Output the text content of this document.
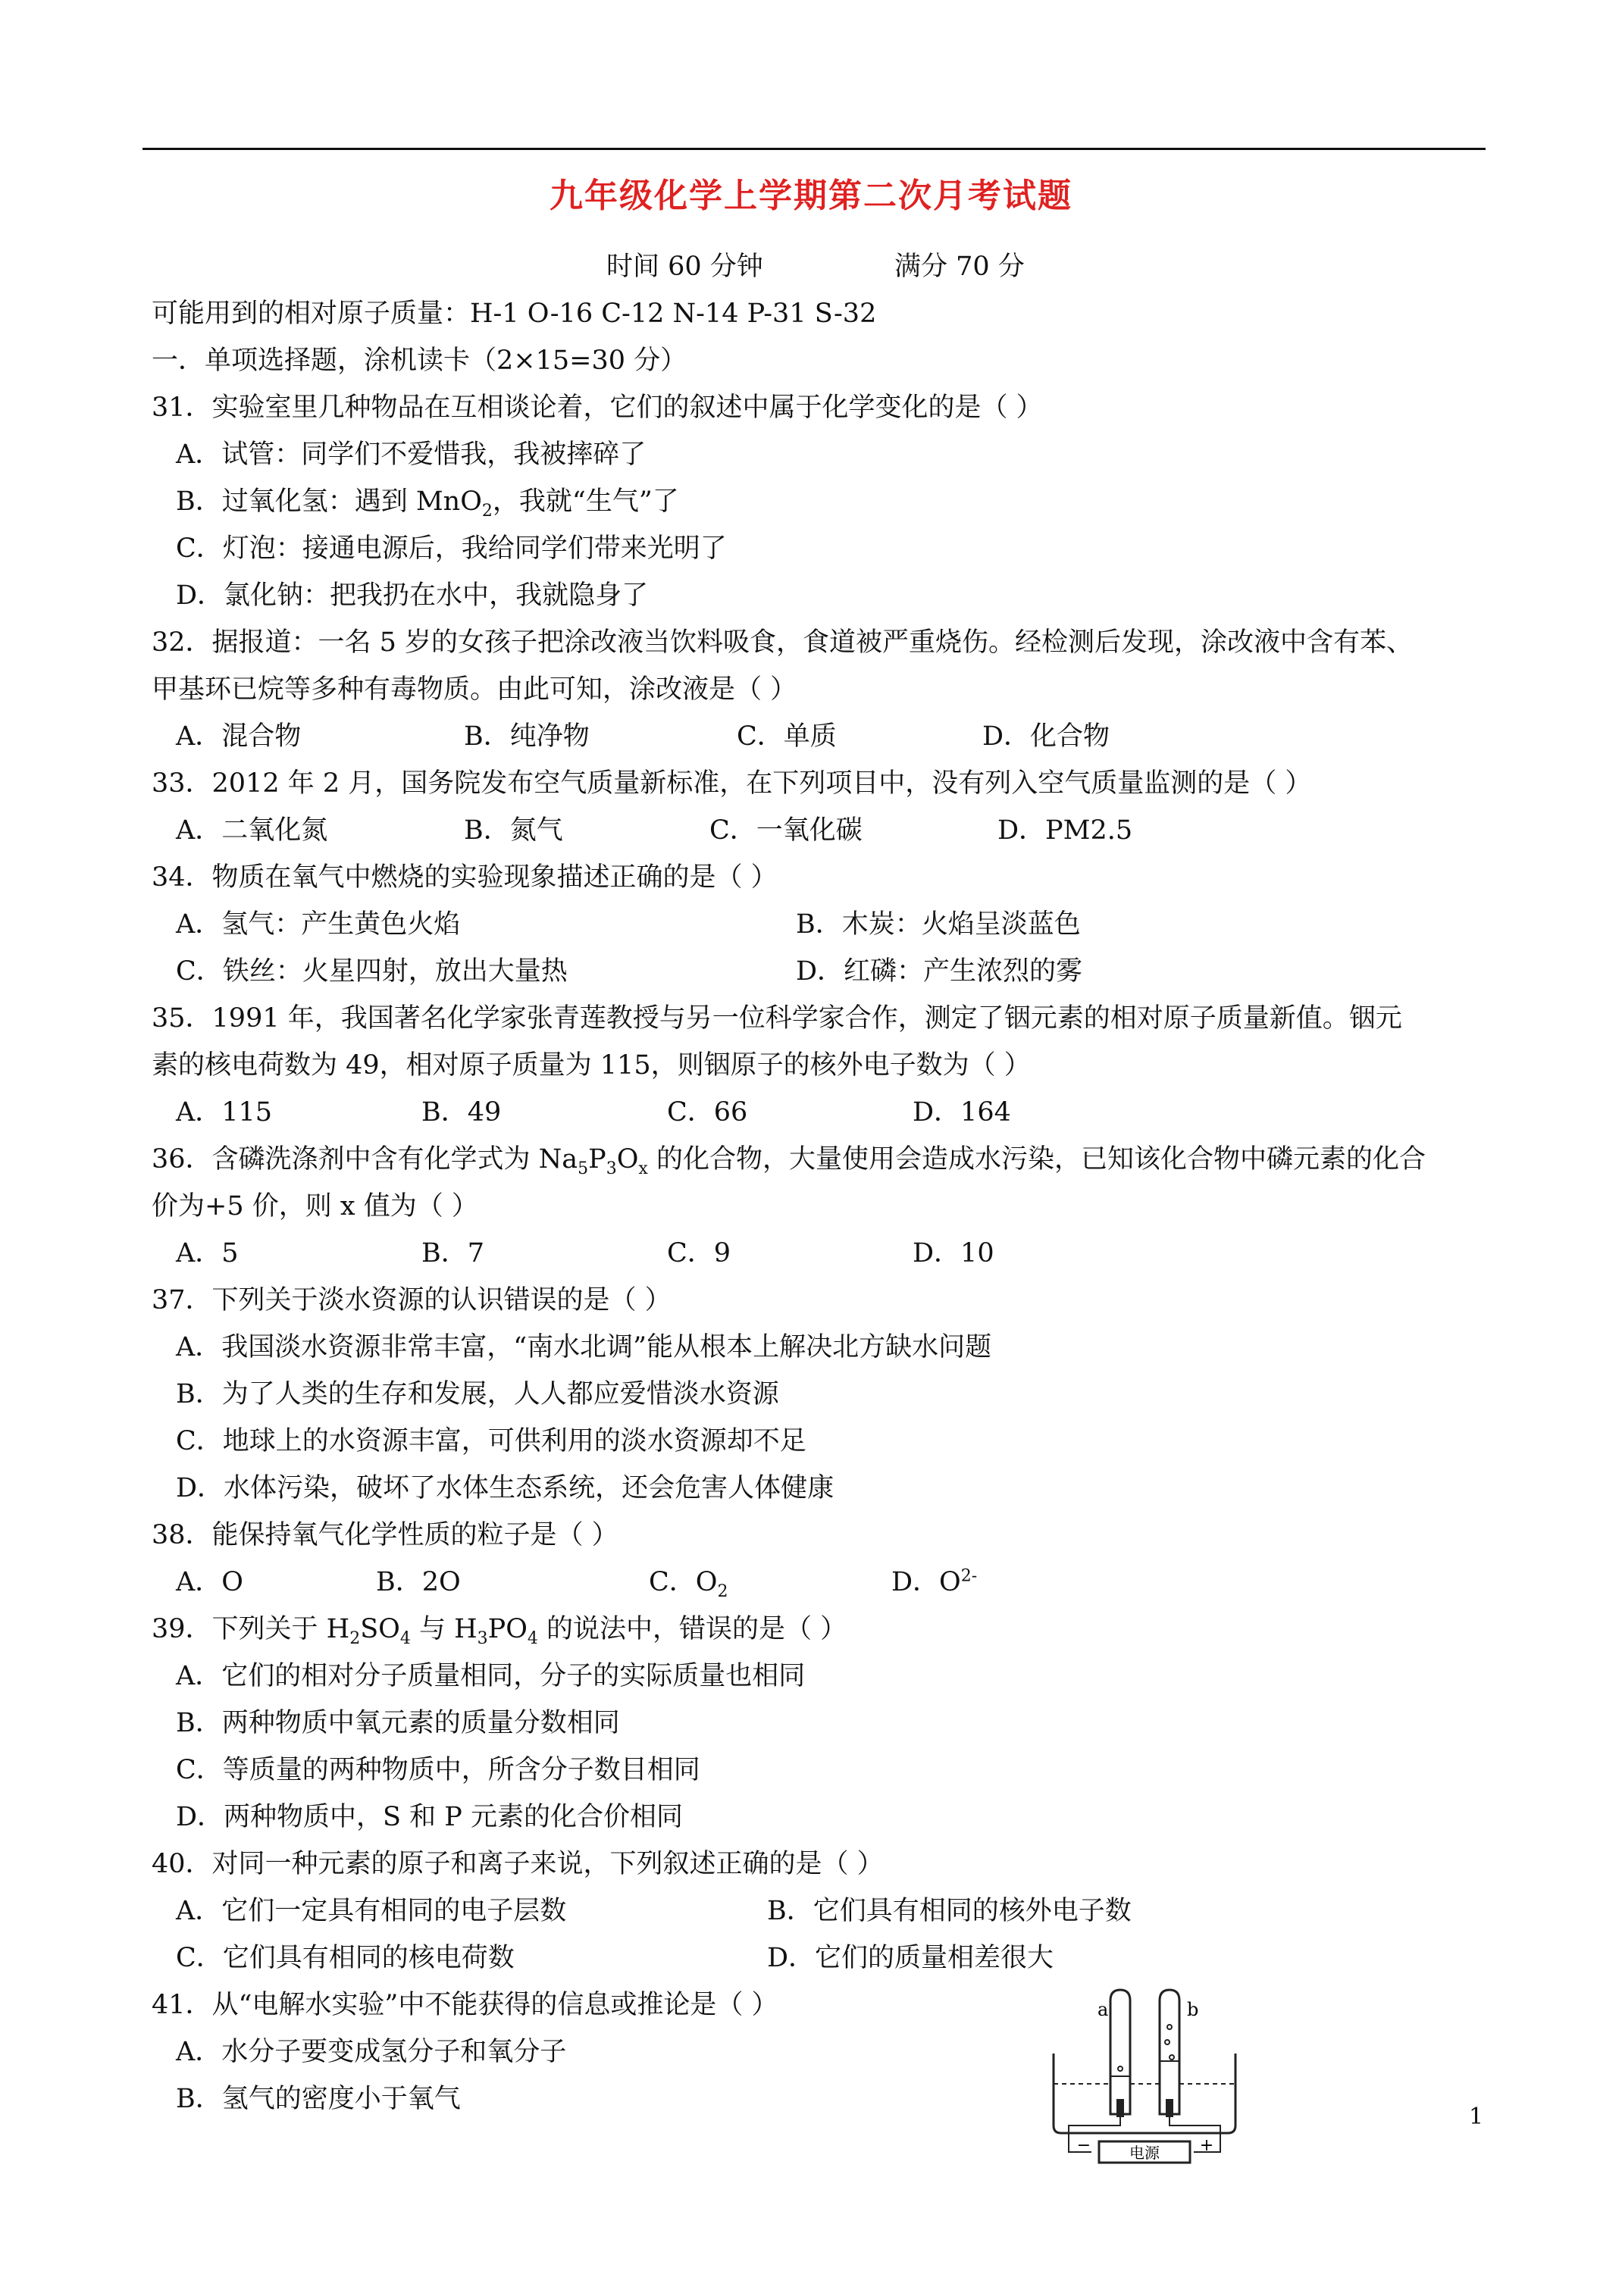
九年级化学上学期第二次月考试题
时间 60 分钟	满分 70 分
可能用到的相对原子质量：H-1 O-16 C-12 N-14 P-31 S-32
一．单项选择题，涂机读卡（2×15=30 分）
31．实验室里几种物品在互相谈论着，它们的叙述中属于化学变化的是（ ）
A．试管：同学们不爱惜我，我被摔碎了
B．过氧化氢：遇到 MnO$_2$，我就“生气”了
C．灯泡：接通电源后，我给同学们带来光明了
D．氯化钠：把我扔在水中，我就隐身了
32．据报道：一名 5 岁的女孩子把涂改液当饮料吸食，食道被严重烧伤。经检测后发现，涂改液中含有苯、
甲基环已烷等多种有毒物质。由此可知，涂改液是（ ）
A．混合物	B．纯净物	C．单质	D．化合物
33．2012 年 2 月，国务院发布空气质量新标准，在下列项目中，没有列入空气质量监测的是（ ）
A．二氧化氮	B．氮气	C．一氧化碳	D．PM2.5
34．物质在氧气中燃烧的实验现象描述正确的是（ ）
A．氢气：产生黄色火焰	B．木炭：火焰呈淡蓝色
C．铁丝：火星四射，放出大量热	D．红磷：产生浓烈的雾
35．1991 年，我国著名化学家张青莲教授与另一位科学家合作，测定了铟元素的相对原子质量新值。铟元
素的核电荷数为 49，相对原子质量为 115，则铟原子的核外电子数为（ ）
A．115	B．49	C．66	D．164
36．含磷洗涤剂中含有化学式为 $Na_5P_3O_x$ 的化合物，大量使用会造成水污染，已知该化合物中磷元素的化合
价为+5 价，则 x 值为（ ）
A．5	B．7	C．9	D．10
37．下列关于淡水资源的认识错误的是（ ）
A．我国淡水资源非常丰富，“南水北调”能从根本上解决北方缺水问题
B．为了人类的生存和发展，人人都应爱惜淡水资源
C．地球上的水资源丰富，可供利用的淡水资源却不足
D．水体污染，破坏了水体生态系统，还会危害人体健康
38．能保持氧气化学性质的粒子是（ ）
A．O	B．2O	C．$O_2$	D．$O^{2-}$
39．下列关于 $H_2SO_4$ 与 $H_3PO_4$ 的说法中，错误的是（ ）
A．它们的相对分子质量相同，分子的实际质量也相同
B．两种物质中氧元素的质量分数相同
C．等质量的两种物质中，所含分子数目相同
D．两种物质中，S 和 P 元素的化合价相同
40．对同一种元素的原子和离子来说，下列叙述正确的是（ ）
A．它们一定具有相同的电子层数	B．它们具有相同的核外电子数
C．它们具有相同的核电荷数	D．它们的质量相差很大
41．从“电解水实验”中不能获得的信息或推论是（ ）
A．水分子要变成氢分子和氧分子
B．氢气的密度小于氧气
电源
−	+
a	b
1
